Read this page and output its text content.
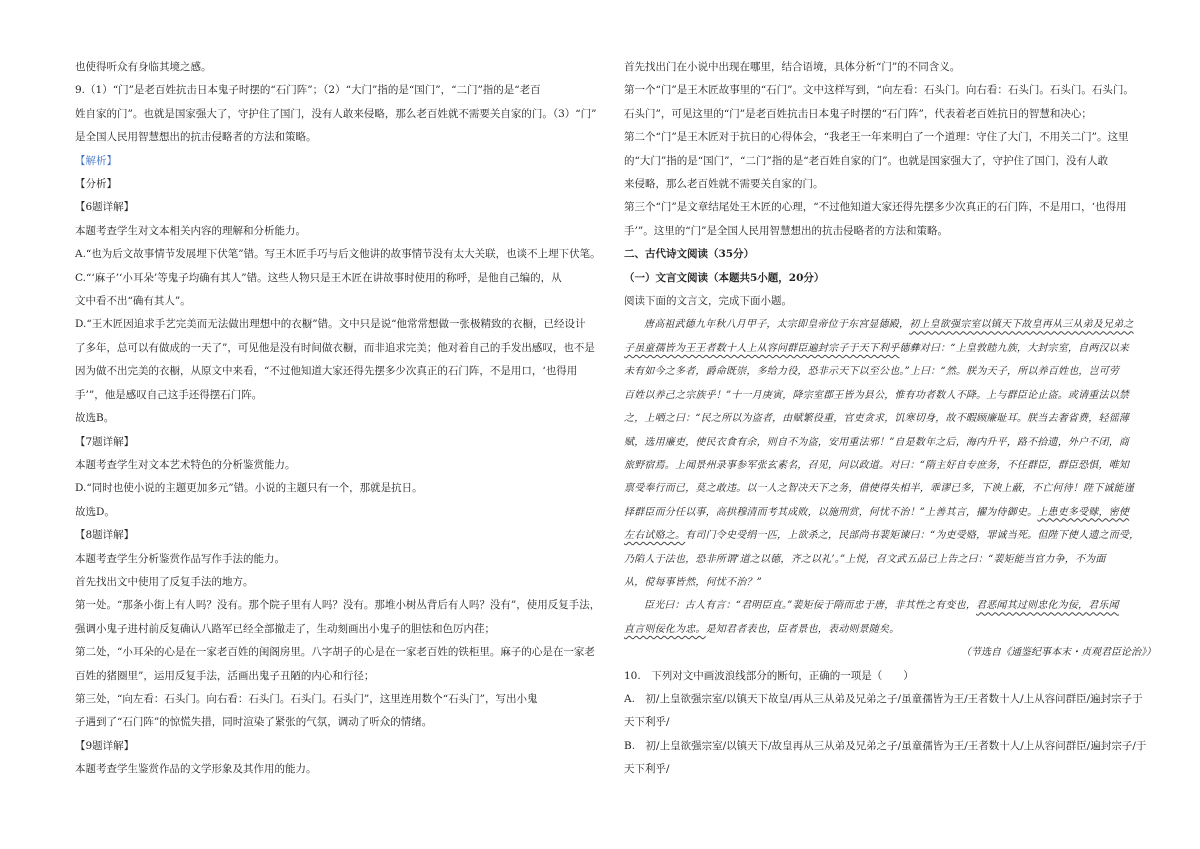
也使得听众有身临其境之感。

9.（1）“门”是老百姓抗击日本鬼子时摆的“石门阵”；（2）“大门”指的是“国门”，“二门”指的是“老百

姓自家的门”。也就是国家强大了，守护住了国门，没有人敢来侵略，那么老百姓就不需要关自家的门。（3）“门”

是全国人民用智慧想出的抗击侵略者的方法和策略。

【解析】

【分析】

【6题详解】

本题考查学生对文本相关内容的理解和分析能力。

A.“也为后文故事情节发展埋下伏笔”错。写王木匠手巧与后文他讲的故事情节没有太大关联，也谈不上埋下伏笔。

C.“‘麻子’‘小耳朵’等鬼子均确有其人”错。这些人物只是王木匠在讲故事时使用的称呼，是他自己编的，从

文中看不出“确有其人”。

D.“王木匠因追求手艺完美而无法做出理想中的衣橱”错。文中只是说“他常常想做一张极精致的衣橱，已经设计

了多年，总可以有做成的一天了”，可见他是没有时间做衣橱，而非追求完美；他对着自己的手发出感叹，也不是

因为做不出完美的衣橱，从原文中来看，“不过他知道大家还得先摆多少次真正的石门阵，不是用口，‘也得用

手’”，他是感叹自己这手还得摆石门阵。

故选B。

【7题详解】

本题考查学生对文本艺术特色的分析鉴赏能力。

D.“同时也使小说的主题更加多元”错。小说的主题只有一个，那就是抗日。

故选D。

【8题详解】

本题考查学生分析鉴赏作品写作手法的能力。

首先找出文中使用了反复手法的地方。

第一处。“那条小街上有人吗？没有。那个院子里有人吗？没有。那堆小树丛背后有人吗？没有”，使用反复手法，

强调小鬼子进村前反复确认八路军已经全部撤走了，生动刻画出小鬼子的胆怯和色厉内荏；

第二处，“小耳朵的心是在一家老百姓的闺阁房里。八字胡子的心是在一家老百姓的铁柜里。麻子的心是在一家老

百姓的猪圈里”，运用反复手法，活画出鬼子丑陋的内心和行径；

第三处，“向左看：石头门。向右看：石头门。石头门。石头门”，这里连用数个“石头门”，写出小鬼

子遇到了“石门阵”的惊慌失措，同时渲染了紧张的气氛，调动了听众的情绪。

【9题详解】

本题考查学生鉴赏作品的文学形象及其作用的能力。

首先找出门在小说中出现在哪里，结合语境，具体分析“门”的不同含义。

第一个“门”是王木匠故事里的“石门”。文中这样写到，“向左看：石头门。向右看：石头门。石头门。石头门。

石头门”，可见这里的“门”是老百姓抗击日本鬼子时摆的“石门阵”，代表着老百姓抗日的智慧和决心；

第二个“门”是王木匠对于抗日的心得体会，“我老王一年来明白了一个道理：守住了大门，不用关二门”。这里

的“大门”指的是“国门”，“二门”指的是“老百姓自家的门”。也就是国家强大了，守护住了国门，没有人敢

来侵略，那么老百姓就不需要关自家的门。

第三个“门”是文章结尾处王木匠的心理，“不过他知道大家还得先摆多少次真正的石门阵，不是用口，‘也得用

手’”。这里的“门”是全国人民用智慧想出的抗击侵略者的方法和策略。

二、古代诗文阅读（35分）

（一）文言文阅读（本题共5小题，20分）

阅读下面的文言文，完成下面小题。

唐高祖武德九年秋八月甲子，太宗即皇帝位于东宫显德殿，初上皇欲强宗室以镇天下故皇再从三从弟及兄弟之

子虽童孺皆为王王者数十人上从容问群臣遍封宗子于天下利乎德彝对曰：“上皇敦睦九族，大封宗室，自两汉以来

未有如今之多者，爵命既崇，多给力役，恐非示天下以至公也。”上曰：“然。朕为天子，所以养百姓也，岂可劳

百姓以养己之宗族乎！”十一月庚寅，降宗室郡王皆为县公，惟有功者数人不降。上与群臣论止盗。或请重法以禁

之，上哂之曰：“民之所以为盗者，由赋繁役重，官吏贪求，饥寒切身，故不暇顾廉耻耳。朕当去奢省费，轻徭薄

赋，选用廉吏，使民衣食有余，则自不为盗，安用重法邪！”自是数年之后，海内升平，路不拾遗，外户不闭，商

旅野宿焉。上闻景州录事参军张玄素名，召见，问以政道。对曰：“隋主好自专庶务，不任群臣，群臣恐惧，唯知

禀受奉行而已，莫之敢违。以一人之智决天下之务，借使得失相半，乖谬已多，下谀上蔽，不亡何待！陛下诚能谨

择群臣而分任以事，高拱穆清而考其成败，以施刑赏，何忧不治！”上善其言，擢为侍御史。上患吏多受赇，密使

左右试赂之。有司门令史受绢一匹，上欲杀之，民部尚书裴矩谏曰：“为吏受赂，罪诚当死。但陛下使人遗之而受，

乃陷人于法也，恐非所谓‘道之以德，齐之以礼’。”上悦，召文武五品已上告之曰：“裴矩能当官力争，不为面

从，傥每事皆然，何忧不治？”

臣光曰：古人有言：“君明臣直。”裴矩佞于隋而忠于唐，非其性之有变也，君恶闻其过则忠化为佞，君乐闻

直言则佞化为忠。是知君者表也，臣者景也，表动则景随矣。

（节选自《通鉴纪事本末・贞观君臣论治》）

10.　下列对文中画波浪线部分的断句，正确的一项是（　　）

A.　初/上皇欲强宗室/以镇天下故皇/再从三从弟及兄弟之子/虽童孺皆为王/王者数十人/上从容问群臣/遍封宗子于

天下利乎/

B.　初/上皇欲强宗室/以镇天下/故皇再从三从弟及兄弟之子/虽童孺皆为王/王者数十人/上从容问群臣/遍封宗子/于

天下利乎/
